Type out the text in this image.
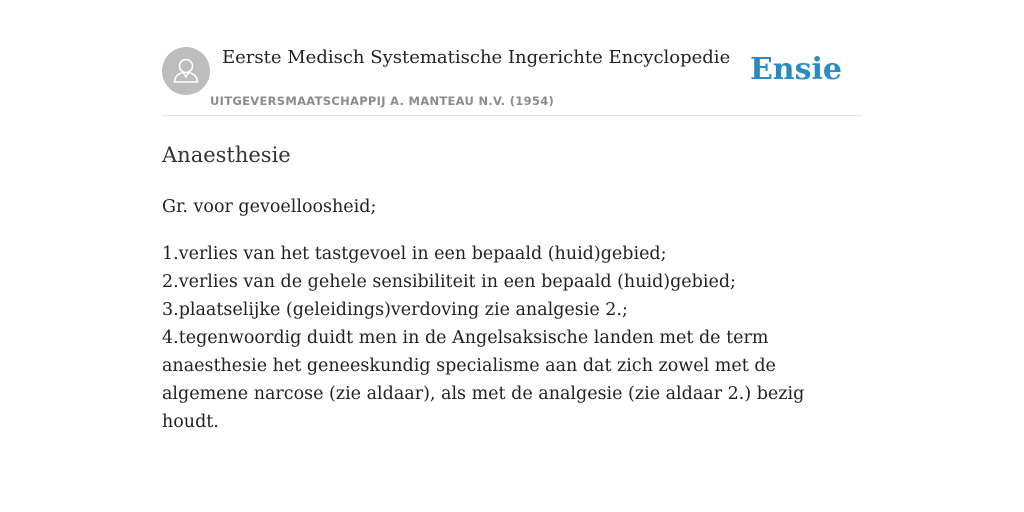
Eerste Medisch Systematische Ingerichte Encyclopedie
UITGEVERSMAATSCHAPPIJ A. MANTEAU N.V. (1954)
Ensie
Anaesthesie

Gr. voor gevoelloosheid;

1.verlies van het tastgevoel in een bepaald (huid)gebied;
2.verlies van de gehele sensibiliteit in een bepaald (huid)gebied;
3.plaatselijke (geleidings)verdoving zie analgesie 2.;
4.tegenwoordig duidt men in de Angelsaksische landen met de term anaesthesie het geneeskundig specialisme aan dat zich zowel met de algemene narcose (zie aldaar), als met de analgesie (zie aldaar 2.) bezig houdt.
